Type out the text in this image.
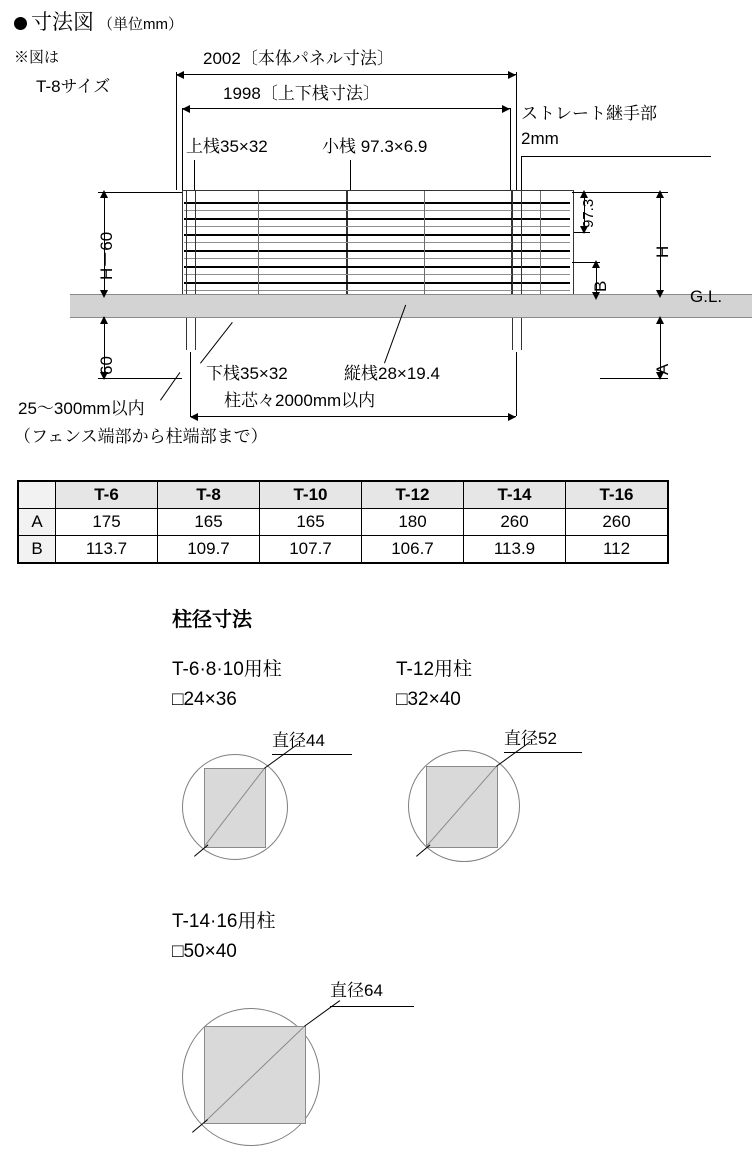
寸法図 （単位mm）
※図は
T-8サイズ
2002〔本体パネル寸法〕
1998〔上下桟寸法〕
上桟35×32	小桟 97.3×6.9
ストレート継手部
2mm
H－60
60
97.3
B
H
G.L.
A
下桟35×32	縦桟28×19.4
柱芯々2000mm以内
25～300mm以内
（フェンス端部から柱端部まで）
	T-6	T-8	T-10	T-12	T-14	T-16
A	175	165	165	180	260	260
B	113.7	109.7	107.7	106.7	113.9	112
柱径寸法
T-6·8·10用柱
□24×36
直径44
T-12用柱
□32×40
直径52
T-14·16用柱
□50×40
直径64
